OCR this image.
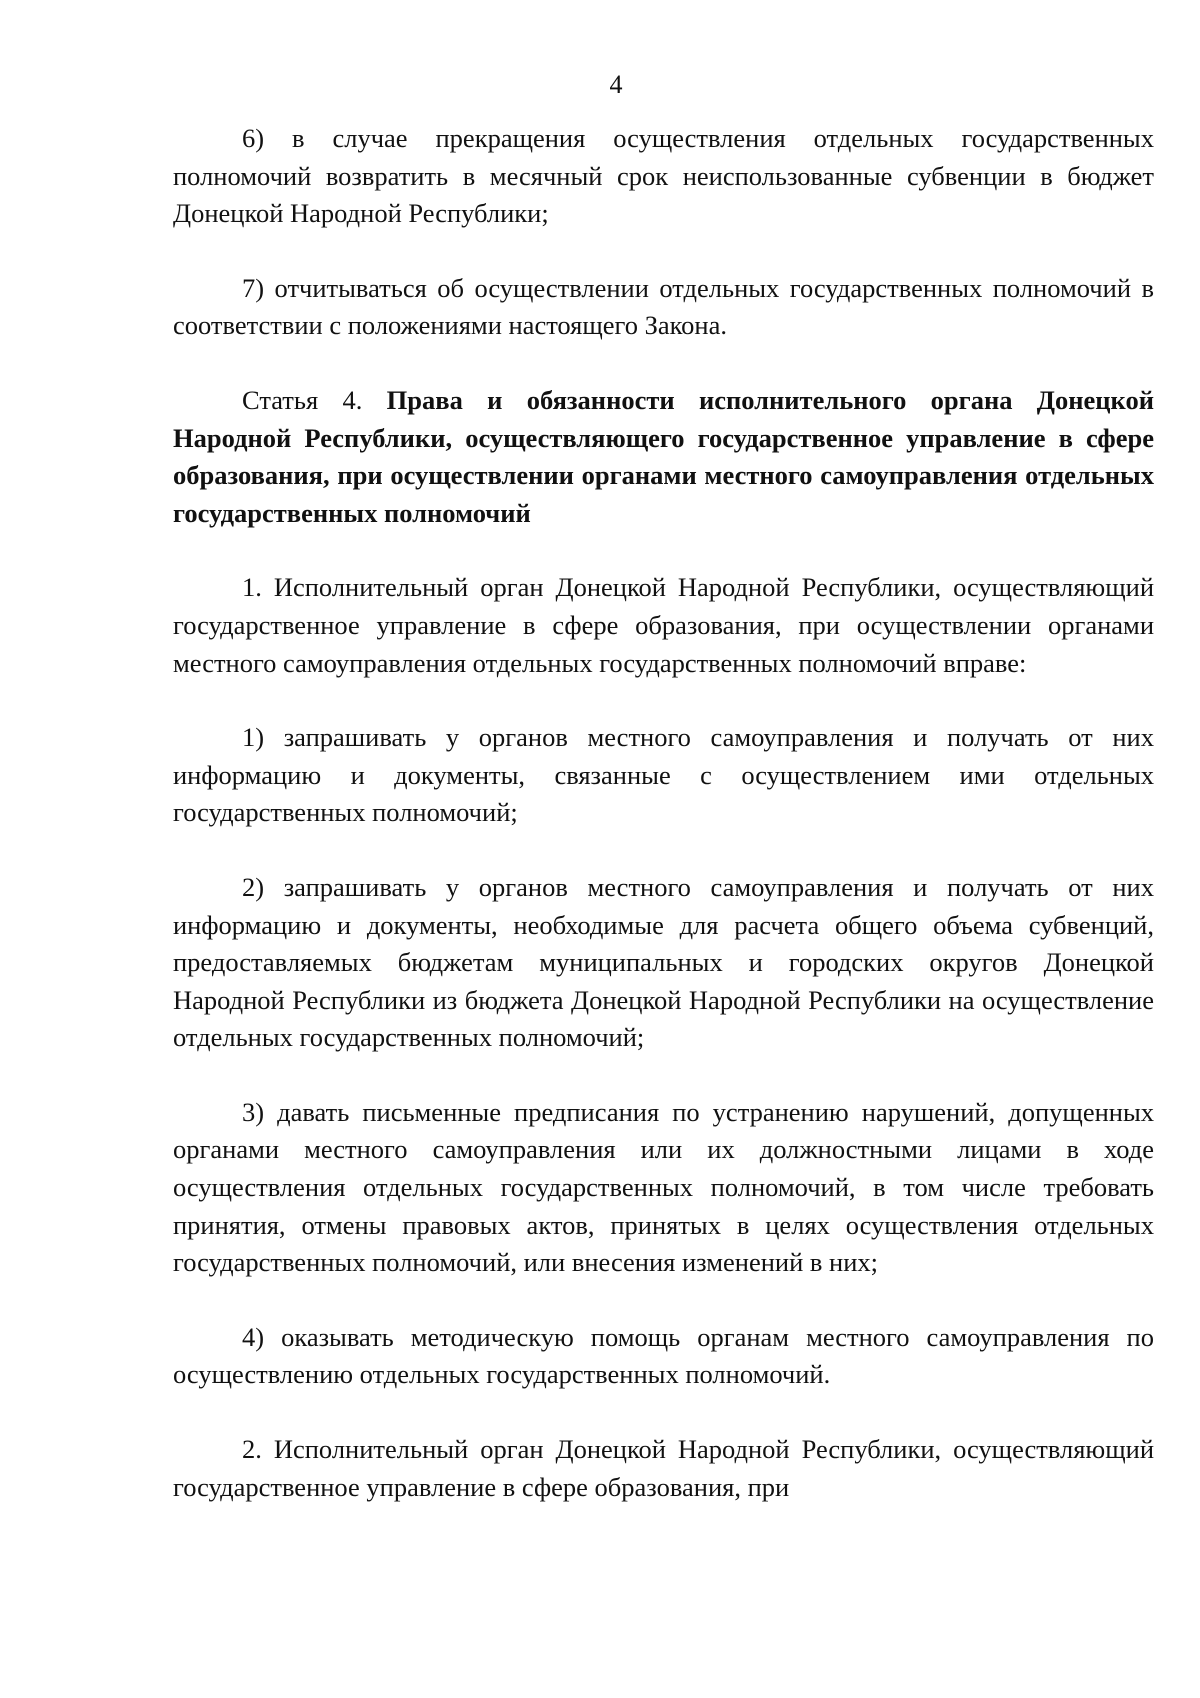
4

6) в случае прекращения осуществления отдельных государственных полномочий возвратить в месячный срок неиспользованные субвенции в бюджет Донецкой Народной Республики;

7) отчитываться об осуществлении отдельных государственных полномочий в соответствии с положениями настоящего Закона.

Статья 4. Права и обязанности исполнительного органа Донецкой Народной Республики, осуществляющего государственное управление в сфере образования, при осуществлении органами местного самоуправления отдельных государственных полномочий

1. Исполнительный орган Донецкой Народной Республики, осуществляющий государственное управление в сфере образования, при осуществлении органами местного самоуправления отдельных государственных полномочий вправе:

1) запрашивать у органов местного самоуправления и получать от них информацию и документы, связанные с осуществлением ими отдельных государственных полномочий;

2) запрашивать у органов местного самоуправления и получать от них информацию и документы, необходимые для расчета общего объема субвенций, предоставляемых бюджетам муниципальных и городских округов Донецкой Народной Республики из бюджета Донецкой Народной Республики на осуществление отдельных государственных полномочий;

3) давать письменные предписания по устранению нарушений, допущенных органами местного самоуправления или их должностными лицами в ходе осуществления отдельных государственных полномочий, в том числе требовать принятия, отмены правовых актов, принятых в целях осуществления отдельных государственных полномочий, или внесения изменений в них;

4) оказывать методическую помощь органам местного самоуправления по осуществлению отдельных государственных полномочий.

2. Исполнительный орган Донецкой Народной Республики, осуществляющий государственное управление в сфере образования, при
